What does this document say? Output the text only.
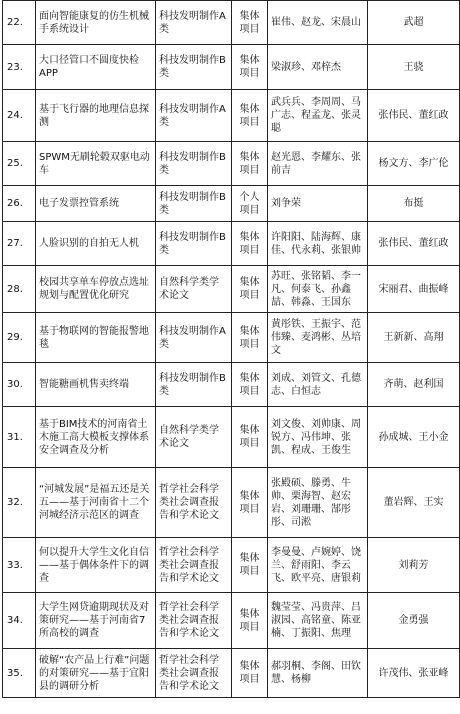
22.	面向智能康复的仿生机械手系统设计	科技发明制作A类	集体项目	崔伟、赵龙、宋晨山	武超
23.	大口径管口不圆度快检APP	科技发明制作B类	集体项目	梁淑珍、邓梓杰	王骁
24.	基于飞行器的地理信息探测	科技发明制作A类	集体项目	武兵兵、李周周、马广志、程孟龙、张灵聪	张伟民、董红政
25.	SPWM无刷轮毂双驱电动车	科技发明制作B类	集体项目	赵光恩、李耀东、张前吉	杨文方、李广伦
26.	电子发票控管系统	科技发明制作B类	个人项目	刘争荣	布挺
27.	人脸识别的自拍无人机	科技发明制作B类	集体项目	许阳阳、陆海辉、康佳、代永莉、张银帅	张伟民、董红政
28.	校园共享单车停放点选址规划与配置优化研究	自然科学类学术论文	集体项目	苏旺、张铭韬、李一凡、何泰飞、孙鑫喆、韩淼、王国东	宋丽君、曲振峰
29.	基于物联网的智能报警地毯	科技发明制作A类	集体项目	黄彤铁、王振宇、范伟臻、麦鸿彬、丛培文	王新新、高翔
30.	智能糖画机售卖终端	科技发明制作B类	集体项目	刘成、刘管文、孔德志、白恒志	齐萌、赵利国
31.	基于BIM技术的河南省土木施工高大模板支撑体系安全调查及分析	自然科学类学术论文	集体项目	刘文俊、刘帅康、周锐方、冯伟坤、张凯、程成、王俊生	孙成城、王小金
32.	“河城发展”是福五还是关五——基于河南省十二个河城经济示范区的调查	哲学社会科学类社会调查报告和学术论文	集体项目	张殿硕、滕勇、牛帅、栗海智、赵宏岩、刘珊珊、郜彤彤、司淞	董岩辉、王实
33.	何以提升大学生文化自信——基于偶体条件下的调查	哲学社会科学类社会调查报告和学术论文	集体项目	李曼曼、卢婉婷、饶兰、舒雨阳、李云飞、欧平亮、唐银莉	刘莉芳
34.	大学生网贷逾期现状及对策研究——基于河南省7所高校的调查	哲学社会科学类社会调查报告和学术论文	集体项目	魏莹莹、冯贵萍、吕淑园、高铭童、陈亚楠、丁振阳、焦理	金勇强
35.	破解“农产品上行难”问题的对策研究——基于宜阳县的调研分析	哲学社会科学类社会调查报告和学术论文	集体项目	郝羽桐、李阁、田钦慧、杨柳	许茂伟、张亚峰
